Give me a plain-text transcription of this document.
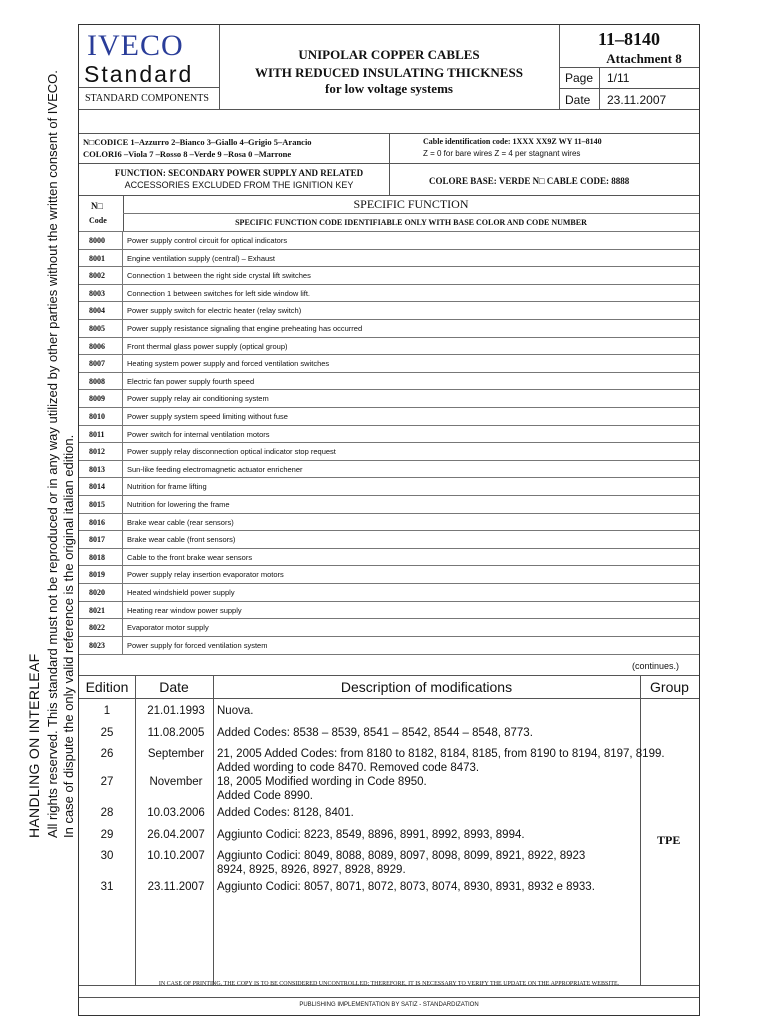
HANDLING ON INTERLEAF All rights reserved. This standard must not be reproduced or in any way utilized by other parties without the written consent of IVECO. In case of dispute the only valid reference is the original italian edition.
IVECO
Standard
STANDARD COMPONENTS
UNIPOLAR COPPER CABLES
WITH REDUCED INSULATING THICKNESS
for low voltage systems
11–8140
Attachment 8
Page 1/11
Date 23.11.2007
N□CODICE 1–Azzurro 2–Bianco 3–Giallo 4–Grigio 5–Arancio
COLORI6 –Viola 7 –Rosso 8 –Verde 9 –Rosa 0 –Marrone
Cable identification code: 1XXX XX9Z WY 11–8140
Z = 0 for bare wires Z = 4 per stagnant wires
FUNCTION: SECONDARY POWER SUPPLY AND RELATED
ACCESSORIES EXCLUDED FROM THE IGNITION KEY	COLORE BASE: VERDE N□ CABLE CODE: 8888
N□
Code
SPECIFIC FUNCTION
SPECIFIC FUNCTION CODE IDENTIFIABLE ONLY WITH BASE COLOR AND CODE NUMBER
8000	Power supply control circuit for optical indicators
8001	Engine ventilation supply (central) – Exhaust
8002	Connection 1 between the right side crystal lift switches
8003	Connection 1 between switches for left side window lift.
8004	Power supply switch for electric heater (relay switch)
8005	Power supply resistance signaling that engine preheating has occurred
8006	Front thermal glass power supply (optical group)
8007	Heating system power supply and forced ventilation switches
8008	Electric fan power supply fourth speed
8009	Power supply relay air conditioning system
8010	Power supply system speed limiting without fuse
8011	Power switch for internal ventilation motors
8012	Power supply relay disconnection optical indicator stop request
8013	Sun-like feeding electromagnetic actuator enrichener
8014	Nutrition for frame lifting
8015	Nutrition for lowering the frame
8016	Brake wear cable (rear sensors)
8017	Brake wear cable (front sensors)
8018	Cable to the front brake wear sensors
8019	Power supply relay insertion evaporator motors
8020	Heated windshield power supply
8021	Heating rear window power supply
8022	Evaporator motor supply
8023	Power supply for forced ventilation system
(continues.)
Edition	Date	Description of modifications	Group
1	21.01.1993	Nuova.
25	11.08.2005	Added Codes: 8538 – 8539, 8541 – 8542, 8544 – 8548, 8773.
26	September	21, 2005 Added Codes: from 8180 to 8182, 8184, 8185, from 8190 to 8194, 8197, 8199.
Added wording to code 8470. Removed code 8473.
27	November	18, 2005 Modified wording in Code 8950.
Added Code 8990.
28	10.03.2006	Added Codes: 8128, 8401.
29	26.04.2007	Aggiunto Codici: 8223, 8549, 8896, 8991, 8992, 8993, 8994.
30	10.10.2007	Aggiunto Codici: 8049, 8088, 8089, 8097, 8098, 8099, 8921, 8922, 8923
8924, 8925, 8926, 8927, 8928, 8929.
31	23.11.2007	Aggiunto Codici: 8057, 8071, 8072, 8073, 8074, 8930, 8931, 8932 e 8933.
TPE
IN CASE OF PRINTING, THE COPY IS TO BE CONSIDERED UNCONTROLLED; THEREFORE, IT IS NECESSARY TO VERIFY THE UPDATE ON THE APPROPRIATE WEBSITE.
PUBLISHING IMPLEMENTATION BY SATIZ - STANDARDIZATION
